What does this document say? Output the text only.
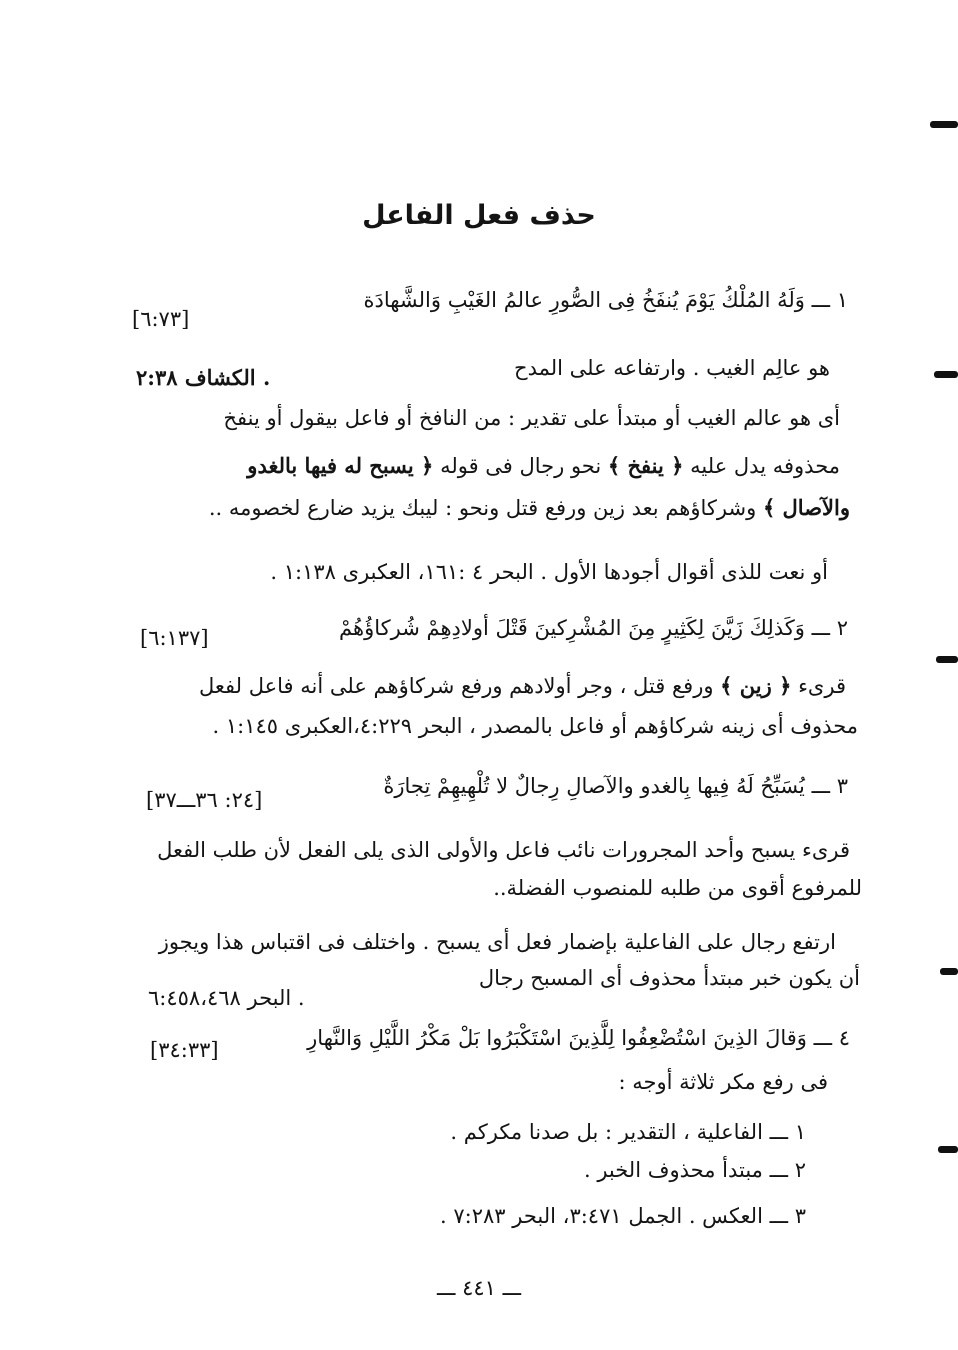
حذف فعل الفاعل
١ ـــ وَلَهُ المُلْكُ يَوْمَ يُنفَخُ فِى الصُّورِ عالمُ الغَيْبِ وَالشَّهادَة
[٦:٧٣]
هو عالِم الغيب . وارتفاعه على المدح
الكشاف ٢:٣٨ .
أى هو عالم الغيب أو مبتدأ على تقدير : من النافخ أو فاعل بيقول أو ينفخ
محذوفه يدل عليه ﴿ ينفخ ﴾ نحو رجال فى قوله ﴿ يسبح له فيها بالغدو
والآصال ﴾ وشركاؤهم بعد زين ورفع قتل ونحو : ليبك يزيد ضارع لخصومه ..
أو نعت للذى أقوال أجودها الأول . البحر ٤ :١٦١، العكبرى ١:١٣٨ .
٢ ـــ وَكَذلِكَ زَيَّنَ لِكَثِيرٍ مِنَ المُشْرِكينَ قَتْلَ أولادِهِمْ شُركاؤُهُمْ
[٦:١٣٧]
قرىء ﴿ زين ﴾ ورفع قتل ، وجر أولادهم ورفع شركاؤهم على أنه فاعل لفعل
محذوف أى زينه شركاؤهم أو فاعل بالمصدر ، البحر ٤:٢٢٩،العكبرى ١:١٤٥ .
٣ ـــ يُسَبِّحُ لَهُ فِيها بِالغدو والآصالِ رِجالٌ لا تُلْهِيهِمْ تِجارَةٌ
[٢٤: ٣٦ـــ٣٧]
قرىء يسبح وأحد المجرورات نائب فاعل والأولى الذى يلى الفعل لأن طلب الفعل
للمرفوع أقوى من طلبه للمنصوب الفضلة..
ارتفع رجال على الفاعلية بإضمار فعل أى يسبح . واختلف فى اقتباس هذا ويجوز
أن يكون خبر مبتدأ محذوف أى المسبح رجال
البحر ٦:٤٥٨،٤٦٨ .
٤ ـــ وَقالَ الذِينَ اسْتُضْعِفُوا لِلَّذِينَ اسْتَكْبَرُوا بَلْ مَكْرُ اللَّيْلِ وَالنَّهارِ
[٣٤:٣٣]
فى رفع مكر ثلاثة أوجه :
١ ـــ الفاعلية ، التقدير : بل صدنا مكركم .
٢ ـــ مبتدأ محذوف الخبر .
٣ ـــ العكس . الجمل ٣:٤٧١، البحر ٧:٢٨٣ .
ـــ ٤٤١ ـــ
